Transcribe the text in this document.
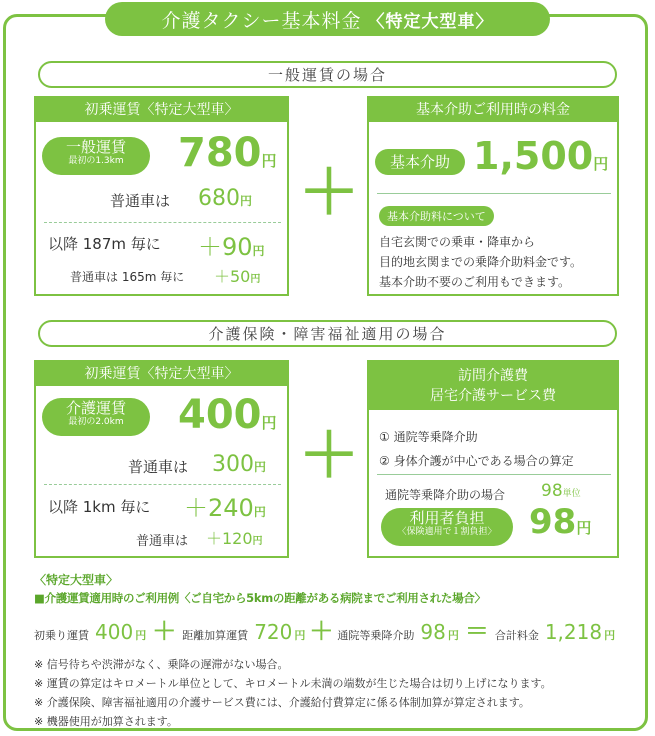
介護タクシー基本料金 〈特定大型車〉
一般運賃の場合
初乗運賃〈特定大型車〉
一般運賃
最初の1.3km	780円
普通車は 680円
以降 187m 毎に ＋90円
普通車は 165m 毎に ＋50円
＋
基本介助ご利用時の料金
基本介助 1,500円
基本介助料について
自宅玄関での乗車・降車から
目的地玄関までの乗降介助料金です。
基本介助不要のご利用もできます。
介護保険・障害福祉適用の場合
初乗運賃〈特定大型車〉
介護運賃
最初の2.0km	400円
普通車は 300円
以降 1km 毎に ＋240円
普通車は ＋120円
＋
訪問介護費
居宅介護サービス費
① 通院等乗降介助
② 身体介護が中心である場合の算定
通院等乗降介助の場合 98単位
利用者負担
〈保険適用で１割負担〉 98円
〈特定大型車〉
■介護運賃適用時のご利用例〈ご自宅から5kmの距離がある病院までご利用された場合〉
初乗り運賃 400 円 ＋ 距離加算運賃 720 円 ＋ 通院等乗降介助 98 円 ＝ 合計料金 1,218 円
※ 信号待ちや渋滞がなく、乗降の遅滞がない場合。
※ 運賃の算定はキロメートル単位として、キロメートル未満の端数が生じた場合は切り上げになります。
※ 介護保険、障害福祉適用の介護サービス費には、介護給付費算定に係る体制加算が算定されます。
※ 機器使用が加算されます。
